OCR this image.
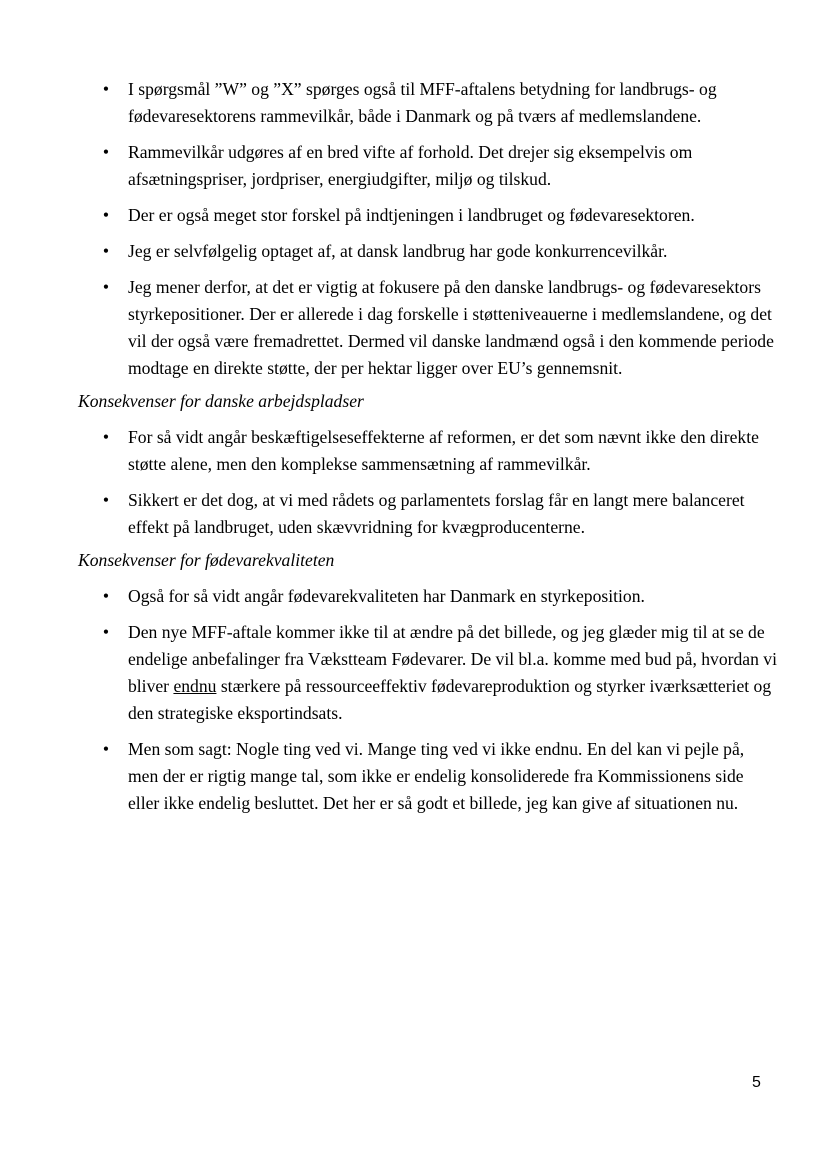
• I spørgsmål ”W” og ”X” spørges også til MFF-aftalens betydning for landbrugs- og fødevaresektorens rammevilkår, både i Danmark og på tværs af medlemslandene.
• Rammevilkår udgøres af en bred vifte af forhold. Det drejer sig eksempelvis om afsætningspriser, jordpriser, energiudgifter, miljø og tilskud.
• Der er også meget stor forskel på indtjeningen i landbruget og fødevaresektoren.
• Jeg er selvfølgelig optaget af, at dansk landbrug har gode konkurrencevilkår.
• Jeg mener derfor, at det er vigtig at fokusere på den danske landbrugs- og fødevaresektors styrkepositioner. Der er allerede i dag forskelle i støtteniveauerne i medlemslandene, og det vil der også være fremadrettet. Dermed vil danske landmænd også i den kommende periode modtage en direkte støtte, der per hektar ligger over EU’s gennemsnit.
Konsekvenser for danske arbejdspladser
• For så vidt angår beskæftigelseseffekterne af reformen, er det som nævnt ikke den direkte støtte alene, men den komplekse sammensætning af rammevilkår.
• Sikkert er det dog, at vi med rådets og parlamentets forslag får en langt mere balanceret effekt på landbruget, uden skævvridning for kvægproducenterne.
Konsekvenser for fødevarekvaliteten
• Også for så vidt angår fødevarekvaliteten har Danmark en styrkeposition.
• Den nye MFF-aftale kommer ikke til at ændre på det billede, og jeg glæder mig til at se de endelige anbefalinger fra Vækstteam Fødevarer. De vil bl.a. komme med bud på, hvordan vi bliver endnu stærkere på ressourceeffektiv fødevareproduktion og styrker iværksætteriet og den strategiske eksportindsats.
• Men som sagt: Nogle ting ved vi. Mange ting ved vi ikke endnu. En del kan vi pejle på, men der er rigtig mange tal, som ikke er endelig konsoliderede fra Kommissionens side eller ikke endelig besluttet. Det her er så godt et billede, jeg kan give af situationen nu.
5
